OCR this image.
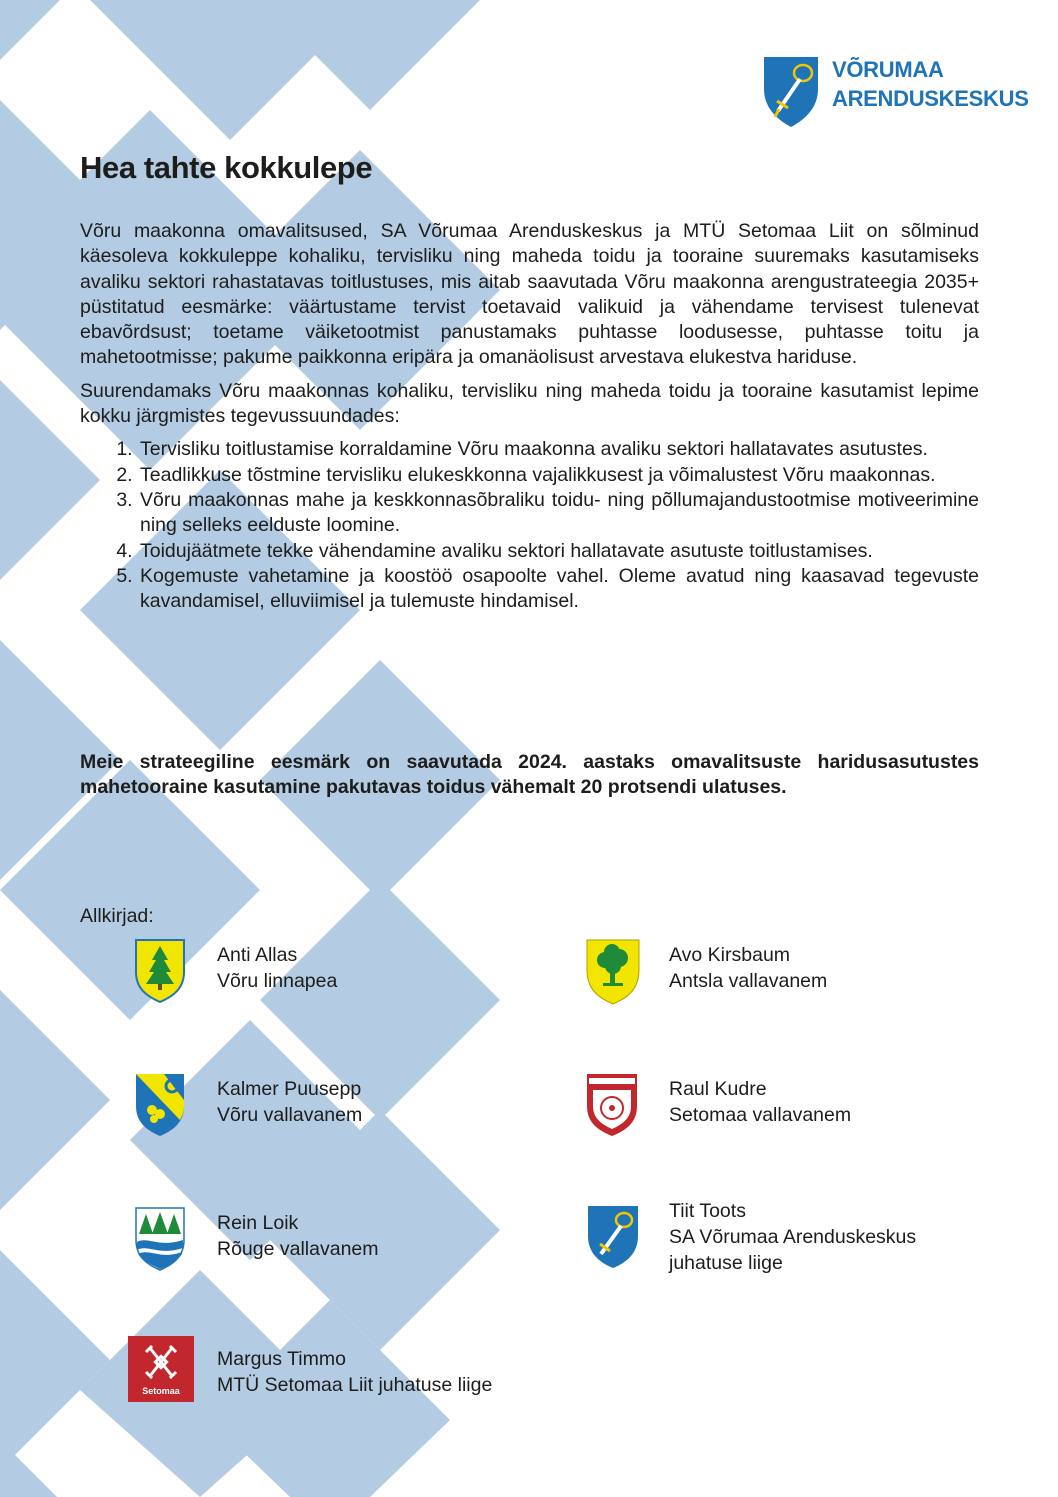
VÕRUMAA
ARENDUSKESKUS
Hea tahte kokkulepe

Võru maakonna omavalitsused, SA Võrumaa Arenduskeskus ja MTÜ Setomaa Liit on sõlminud käesoleva kokkuleppe kohaliku, tervisliku ning maheda toidu ja tooraine suuremaks kasutamiseks avaliku sektori rahastatavas toitlustuses, mis aitab saavutada Võru maakonna arengustrateegia 2035+ püstitatud eesmärke: väärtustame tervist toetavaid valikuid ja vähendame tervisest tulenevat ebavõrdsust; toetame väiketootmist panustamaks puhtasse loodusesse, puhtasse toitu ja mahetootmisse; pakume paikkonna eripära ja omanäolisust arvestava elukestva hariduse.

Suurendamaks Võru maakonnas kohaliku, tervisliku ning maheda toidu ja tooraine kasutamist lepime kokku järgmistes tegevussuundades:

1. Tervisliku toitlustamise korraldamine Võru maakonna avaliku sektori hallatavates asutustes.
2. Teadlikkuse tõstmine tervisliku elukeskkonna vajalikkusest ja võimalustest Võru maakonnas.
3. Võru maakonnas mahe ja keskkonnasõbraliku toidu- ning põllumajandustootmise motiveerimine ning selleks eelduste loomine.
4. Toidujäätmete tekke vähendamine avaliku sektori hallatavate asutuste toitlustamises.
5. Kogemuste vahetamine ja koostöö osapoolte vahel. Oleme avatud ning kaasavad tegevuste kavandamisel, elluviimisel ja tulemuste hindamisel.
Meie strateegiline eesmärk on saavutada 2024. aastaks omavalitsuste haridusasutustes mahetooraine kasutamine pakutavas toidus vähemalt 20 protsendi ulatuses.
Allkirjad:
Anti Allas
Võru linnapea
Avo Kirsbaum
Antsla vallavanem
Kalmer Puusepp
Võru vallavanem
Raul Kudre
Setomaa vallavanem
Rein Loik
Rõuge vallavanem
Tiit Toots
SA Võrumaa Arenduskeskus
juhatuse liige
Setomaa
Margus Timmo
MTÜ Setomaa Liit juhatuse liige
